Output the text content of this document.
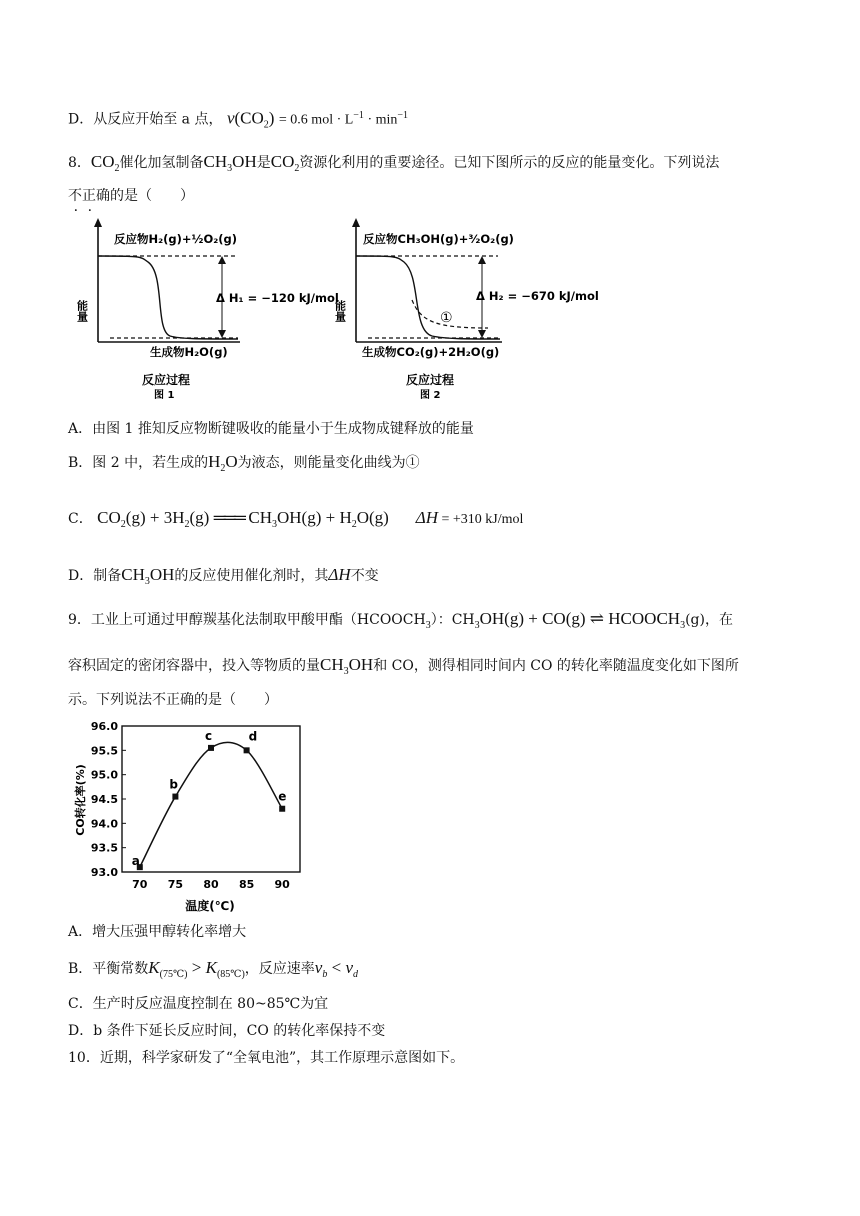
D．从反应开始至 a 点， $v(CO_2) = 0.6$ mol · $L^{-1} \cdot \min^{-1}$
8．$CO_2$催化加氢制备$CH_3OH$是$CO_2$资源化利用的重要途径。已知下图所示的反应的能量变化。下列说法
不正确的是（　　）
能量
反应物H₂(g)+½O₂(g)
生成物H₂O(g)
Δ H₁ = −120 kJ/mol
反应过程
图 1
能量
反应物CH₃OH(g)+³⁄₂O₂(g)
生成物CO₂(g)+2H₂O(g)
Δ H₂ = −670 kJ/mol
①
反应过程
图 2
A．由图 1 推知反应物断键吸收的能量小于生成物成键释放的能量
B．图 2 中，若生成的$H_2O$为液态，则能量变化曲线为①
C． $CO_2(g) + 3H_2(g)$ ═══ $CH_3OH(g) + H_2O(g) \Delta H = +310$ kJ/mol
D．制备$CH_3OH$的反应使用催化剂时，其ΔH不变
9．工业上可通过甲醇羰基化法制取甲酸甲酯$(HCOOCH_3)$：$CH_3OH(g) + CO(g)$ ⇌ $HCOOCH_3(g)$，在
容积固定的密闭容器中，投入等物质的量$CH_3OH$和 CO，测得相同时间内 CO 的转化率随温度变化如下图所
示。下列说法不正确的是（　　）
CO转化率(%)
温度(℃)
93.0
93.5
94.0
94.5
95.0
95.5
96.0
70 75 80 85 90
a
b
c	d
e
A．增大压强甲醇转化率增大
B．平衡常数$K_{(75℃)} > K_{(85℃)}$，反应速率$v_b < v_d$
C．生产时反应温度控制在 80~85℃为宜
D．b 条件下延长反应时间，CO 的转化率保持不变
10．近期，科学家研发了“全氧电池”，其工作原理示意图如下。
